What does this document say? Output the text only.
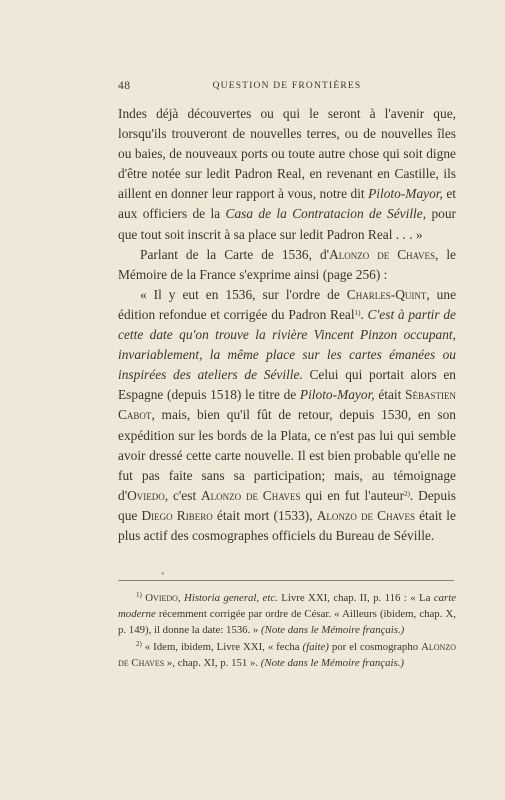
48	QUESTION DE FRONTIÈRES

Indes déjà découvertes ou qui le seront à l'avenir que, lorsqu'ils trouveront de nouvelles terres, ou de nouvelles îles ou baies, de nouveaux ports ou toute autre chose qui soit digne d'être notée sur ledit Padron Real, en revenant en Castille, ils aillent en donner leur rapport à vous, notre dit Piloto-Mayor, et aux officiers de la Casa de la Contratacion de Séville, pour que tout soit inscrit à sa place sur ledit Padron Real . . . »

Parlant de la Carte de 1536, d'Alonzo de Chaves, le Mémoire de la France s'exprime ainsi (page 256) :

« Il y eut en 1536, sur l'ordre de Charles-Quint, une édition refondue et corrigée du Padron Real$^{1)}$. C'est à partir de cette date qu'on trouve la rivière Vincent Pinzon occupant, invariablement, la même place sur les cartes émanées ou inspirées des ateliers de Séville. Celui qui portait alors en Espagne (depuis 1518) le titre de Piloto-Mayor, était Sébastien Cabot, mais, bien qu'il fût de retour, depuis 1530, en son expédition sur les bords de la Plata, ce n'est pas lui qui semble avoir dressé cette carte nouvelle. Il est bien probable qu'elle ne fut pas faite sans sa participation; mais, au témoignage d'Oviedo, c'est Alonzo de Chaves qui en fut l'auteur$^{2)}$. Depuis que Diego Ribero était mort (1533), Alonzo de Chaves était le plus actif des cosmographes officiels du Bureau de Séville.

●

$^{1)}$ Oviedo, Historia general, etc. Livre XXI, chap. II, p. 116 : « La carte moderne récemment corrigée par ordre de César. « Ailleurs (ibidem, chap. X, p. 149), il donne la date: 1536. » (Note dans le Mémoire français.)

$^{2)}$ « Idem, ibidem, Livre XXI, « fecha (faite) por el cosmographo Alonzo de Chaves », chap. XI, p. 151 ». (Note dans le Mémoire français.)
